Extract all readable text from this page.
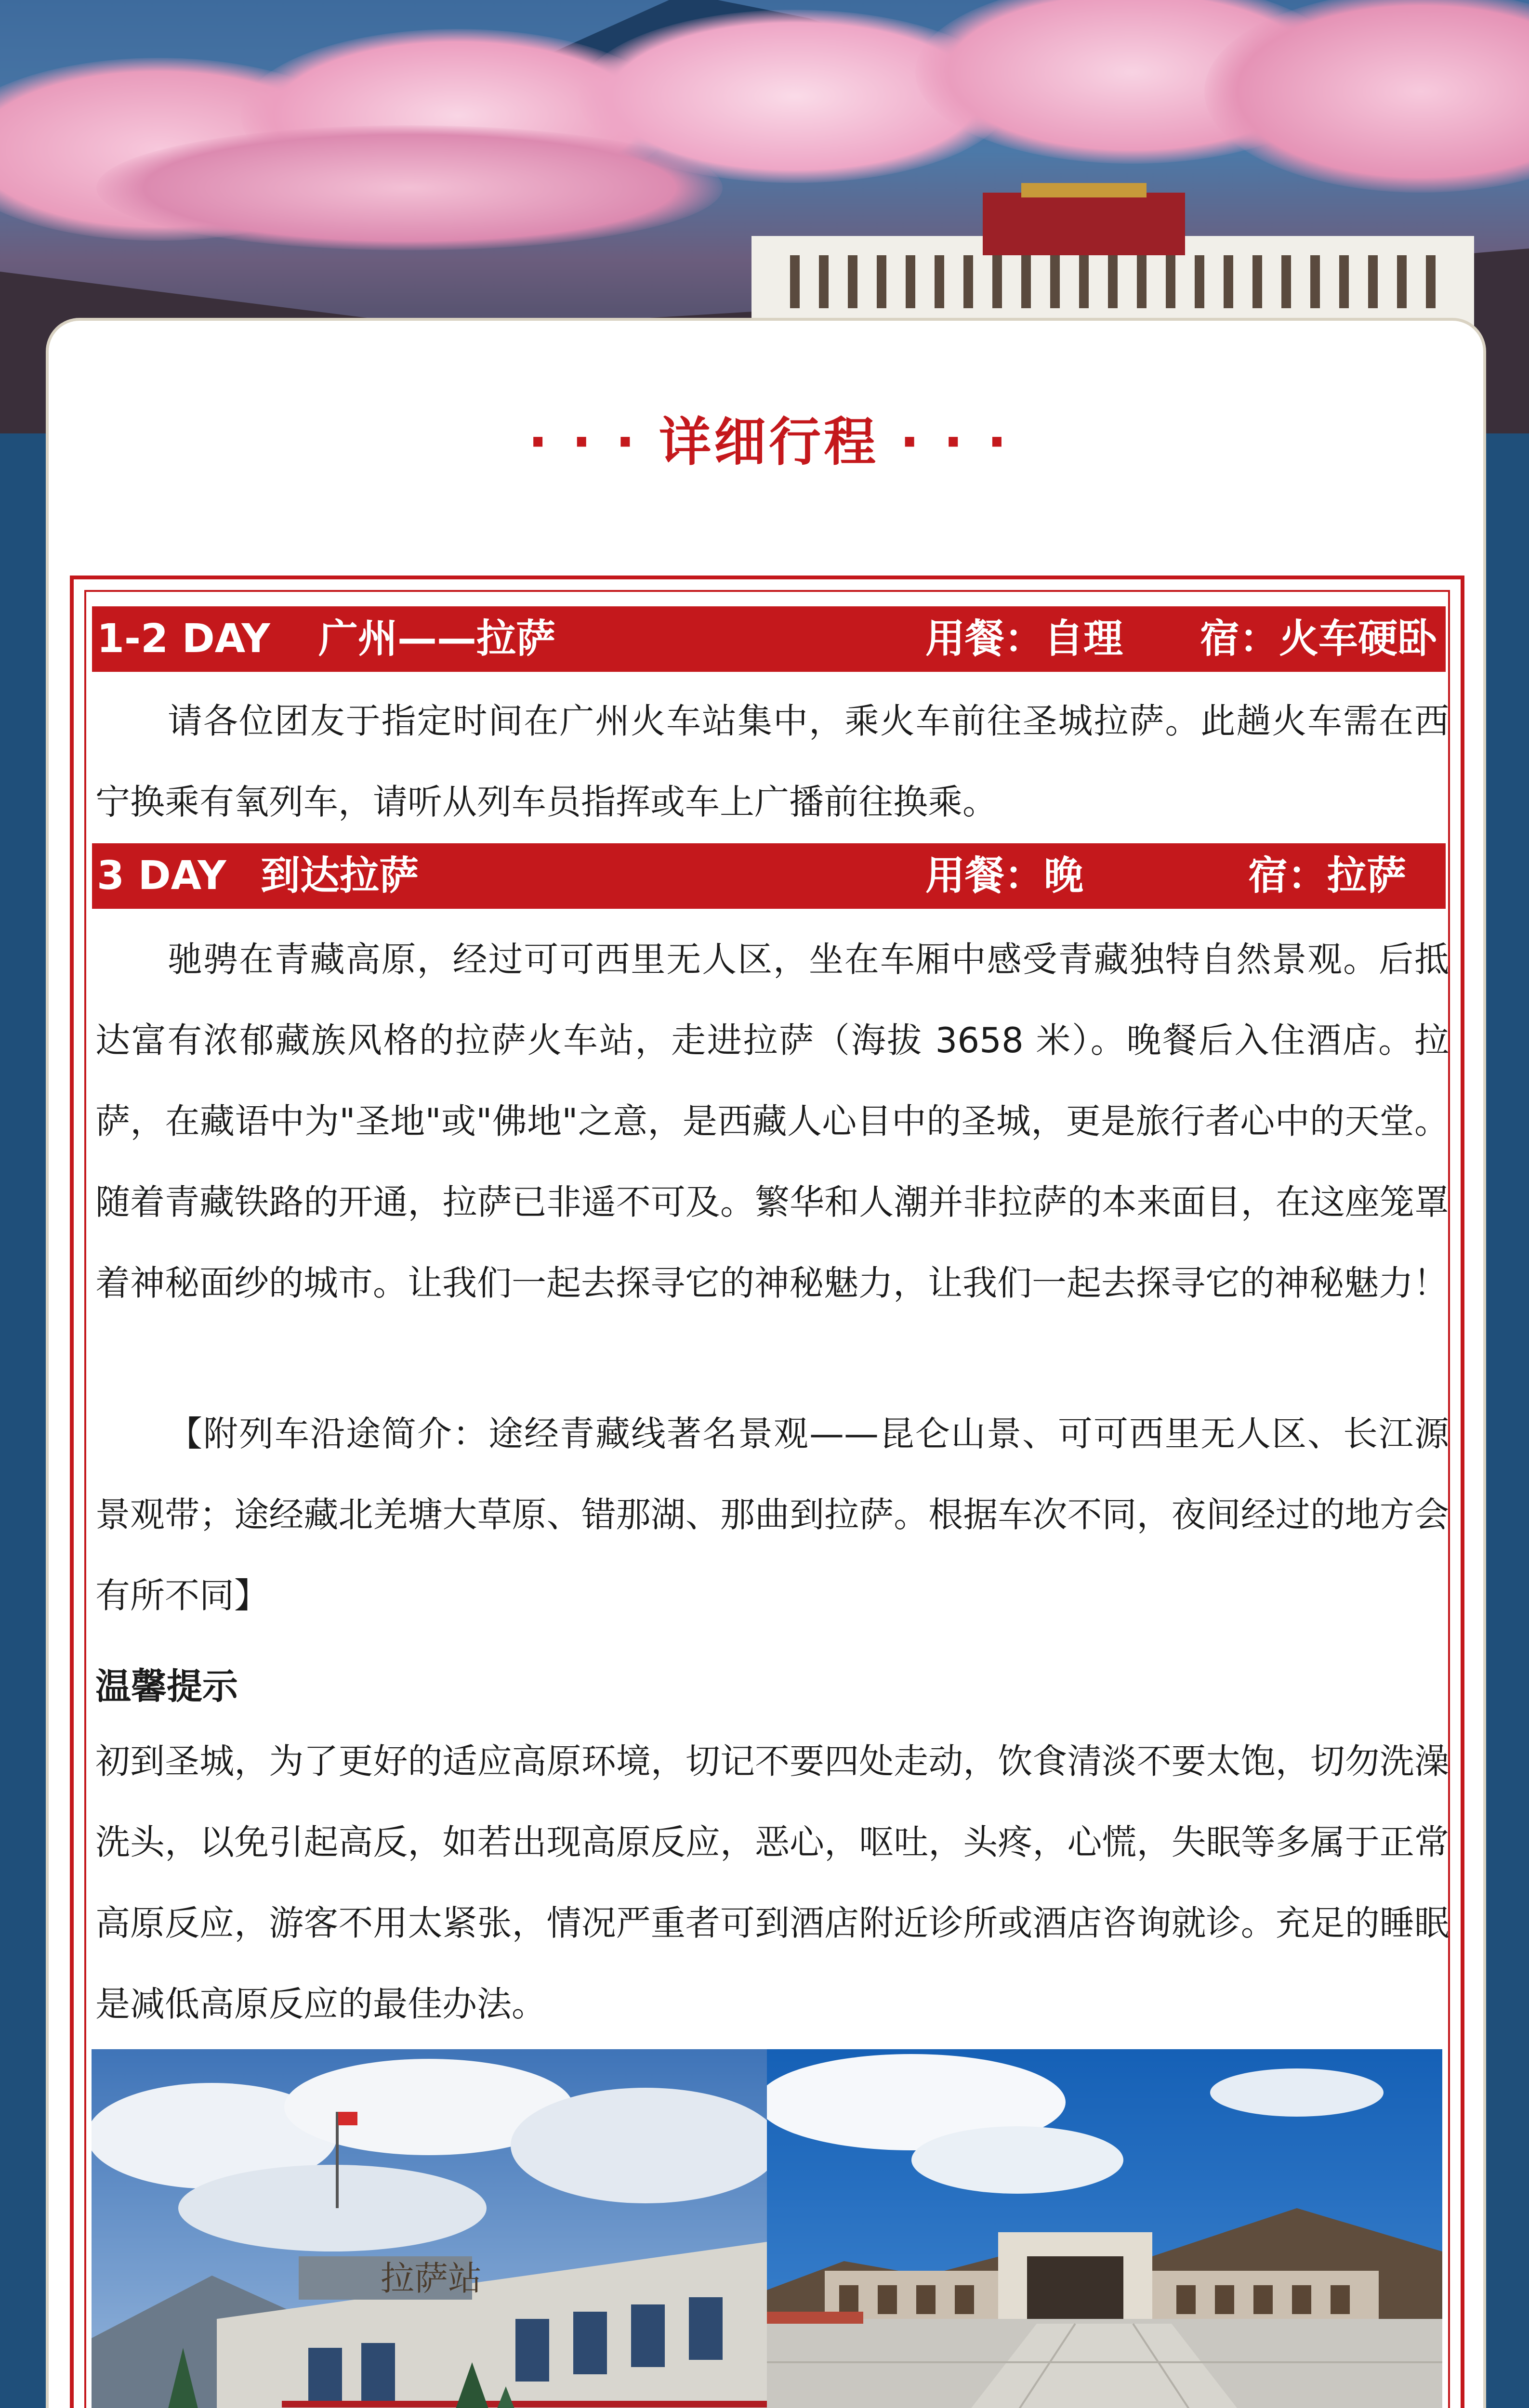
· · · 详细行程 · · ·
1-2 DAY 广州——拉萨	用餐：自理 宿：火车硬卧

请各位团友于指定时间在广州火车站集中，乘火车前往圣城拉萨。此趟火车需在西宁换乘有氧列车，请听从列车员指挥或车上广播前往换乘。

3 DAY 到达拉萨	用餐：晚	宿：拉萨

驰骋在青藏高原，经过可可西里无人区，坐在车厢中感受青藏独特自然景观。后抵达富有浓郁藏族风格的拉萨火车站，走进拉萨（海拔 3658 米）。晚餐后入住酒店。拉萨，在藏语中为"圣地"或"佛地"之意，是西藏人心目中的圣城，更是旅行者心中的天堂。随着青藏铁路的开通，拉萨已非遥不可及。繁华和人潮并非拉萨的本来面目，在这座笼罩着神秘面纱的城市。让我们一起去探寻它的神秘魅力，让我们一起去探寻它的神秘魅力！

【附列车沿途简介：途经青藏线著名景观——昆仑山景、可可西里无人区、长江源景观带；途经藏北羌塘大草原、错那湖、那曲到拉萨。根据车次不同，夜间经过的地方会有所不同】

温馨提示

初到圣城，为了更好的适应高原环境，切记不要四处走动，饮食清淡不要太饱，切勿洗澡洗头，以免引起高反，如若出现高原反应，恶心，呕吐，头疼，心慌，失眠等多属于正常高原反应，游客不用太紧张，情况严重者可到酒店附近诊所或酒店咨询就诊。充足的睡眠是减低高原反应的最佳办法。

拉萨站
